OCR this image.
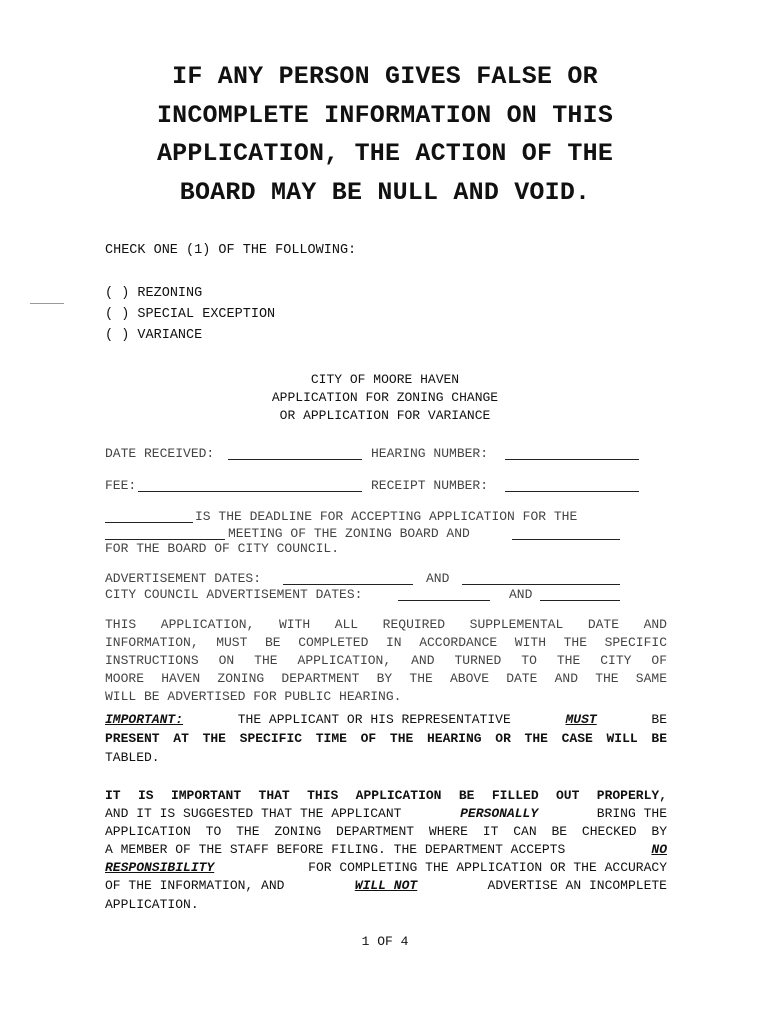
IF ANY PERSON GIVES FALSE OR
INCOMPLETE INFORMATION ON THIS
APPLICATION, THE ACTION OF THE
BOARD MAY BE NULL AND VOID.
CHECK ONE (1) OF THE FOLLOWING:
( ) REZONING
( ) SPECIAL EXCEPTION
( ) VARIANCE
CITY OF MOORE HAVEN
APPLICATION FOR ZONING CHANGE
OR APPLICATION FOR VARIANCE
DATE RECEIVED:	HEARING NUMBER:
FEE:	RECEIPT NUMBER:
IS THE DEADLINE FOR ACCEPTING APPLICATION FOR THE
MEETING OF THE ZONING BOARD AND
FOR THE BOARD OF CITY COUNCIL.
ADVERTISEMENT DATES:	AND
CITY COUNCIL ADVERTISEMENT DATES:	AND
THIS APPLICATION, WITH ALL REQUIRED SUPPLEMENTAL DATE AND
INFORMATION, MUST BE COMPLETED IN ACCORDANCE WITH THE SPECIFIC
INSTRUCTIONS ON THE APPLICATION, AND TURNED TO THE CITY OF
MOORE HAVEN ZONING DEPARTMENT BY THE ABOVE DATE AND THE SAME
WILL BE ADVERTISED FOR PUBLIC HEARING.
IMPORTANT:	THE APPLICANT OR HIS REPRESENTATIVE	MUST	BE
PRESENT AT THE SPECIFIC TIME OF THE HEARING OR THE CASE WILL BE
TABLED.
IT IS IMPORTANT THAT THIS APPLICATION BE FILLED OUT PROPERLY,
AND IT IS SUGGESTED THAT THE APPLICANT	PERSONALLY	BRING THE
APPLICATION TO THE ZONING DEPARTMENT WHERE IT CAN BE CHECKED BY
A MEMBER OF THE STAFF BEFORE FILING. THE DEPARTMENT ACCEPTS	NO
RESPONSIBILITY	FOR COMPLETING THE APPLICATION OR THE ACCURACY
OF THE INFORMATION, AND	WILL NOT	ADVERTISE AN INCOMPLETE
APPLICATION.
1 OF 4
